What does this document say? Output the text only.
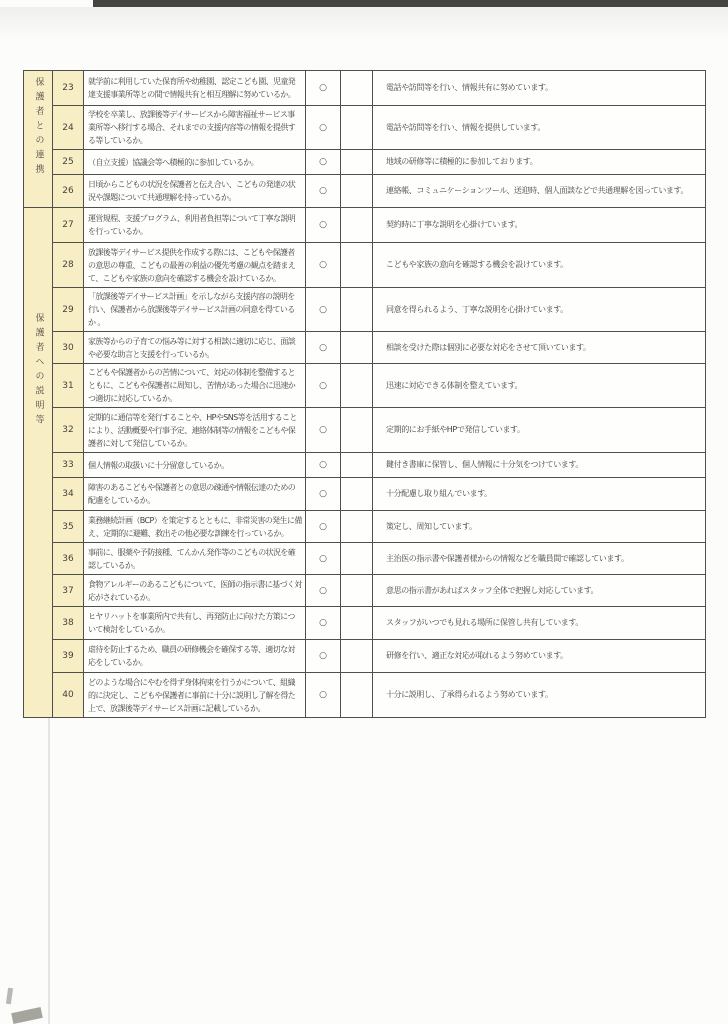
保護者との連携	23	就学前に利用していた保育所や幼稚園、認定こども園、児童発達支援事業所等との間で情報共有と相互理解に努めているか。	○		電話や訪問等を行い、情報共有に努めています。
	24	学校を卒業し、放課後等デイサービスから障害福祉サービス事業所等へ移行する場合、それまでの支援内容等の情報を提供する等しているか。	○		電話や訪問等を行い、情報を提供しています。
	25	（自立支援）協議会等へ積極的に参加しているか。	○		地域の研修等に積極的に参加しております。
	26	日頃からこどもの状況を保護者と伝え合い、こどもの発達の状況や課題について共通理解を持っているか。	○		連絡帳、コミュニケーションツール、送迎時、個人面談などで共通理解を図っています。

保護者への説明等	27	運営規程、支援プログラム、利用者負担等について丁寧な説明を行っているか。	○		契約時に丁寧な説明を心掛けています。
	28	放課後等デイサービス提供を作成する際には、こどもや保護者の意思の尊重、こどもの最善の利益の優先考慮の観点を踏まえて、こどもや家族の意向を確認する機会を設けているか。	○		こどもや家族の意向を確認する機会を設けています。
	29	「放課後等デイサービス計画」を示しながら支援内容の説明を行い、保護者から放課後等デイサービス計画の同意を得ているか 。	○		同意を得られるよう、丁寧な説明を心掛けています。
	30	家族等からの子育ての悩み等に対する相談に適切に応じ、面談や必要な助言と支援を行っているか。	○		相談を受けた際は個別に必要な対応をさせて頂いています。
	31	こどもや保護者からの苦情について、対応の体制を整備するとともに、こどもや保護者に周知し、苦情があった場合に迅速かつ適切に対応しているか。	○		迅速に対応できる体制を整えています。
	32	定期的に通信等を発行することや、HPやSNS等を活用することにより、活動概要や行事予定、連絡体制等の情報をこどもや保護者に対して発信しているか。	○		定期的にお手紙やHPで発信しています。
	33	個人情報の取扱いに十分留意しているか。	○		鍵付き書庫に保管し、個人情報に十分気をつけています。
	34	障害のあるこどもや保護者との意思の疎通や情報伝達のための配慮をしているか。	○		十分配慮し取り組んでいます。
	35	業務継続計画（BCP）を策定するとともに、非常災害の発生に備え、定期的に避難、救出その他必要な訓練を行っているか。	○		策定し、周知しています。
	36	事前に、服薬や予防接種、てんかん発作等のこどもの状況を確認しているか。	○		主治医の指示書や保護者様からの情報などを職員間で確認しています。
	37	食物アレルギーのあるこどもについて、医師の指示書に基づく対応がされているか。	○		意思の指示書があればスタッフ全体で把握し対応しています。
	38	ヒヤリハットを事業所内で共有し、再発防止に向けた方策について検討をしているか。	○		スタッフがいつでも見れる場所に保管し共有しています。
	39	虐待を防止するため、職員の研修機会を確保する等、適切な対応をしているか。	○		研修を行い、適正な対応が取れるよう努めています。
	40	どのような場合にやむを得ず身体拘束を行うかについて、組織的に決定し、こどもや保護者に事前に十分に説明し了解を得た上で、放課後等デイサービス計画に記載しているか。	○		十分に説明し、了承得られるよう努めています。
